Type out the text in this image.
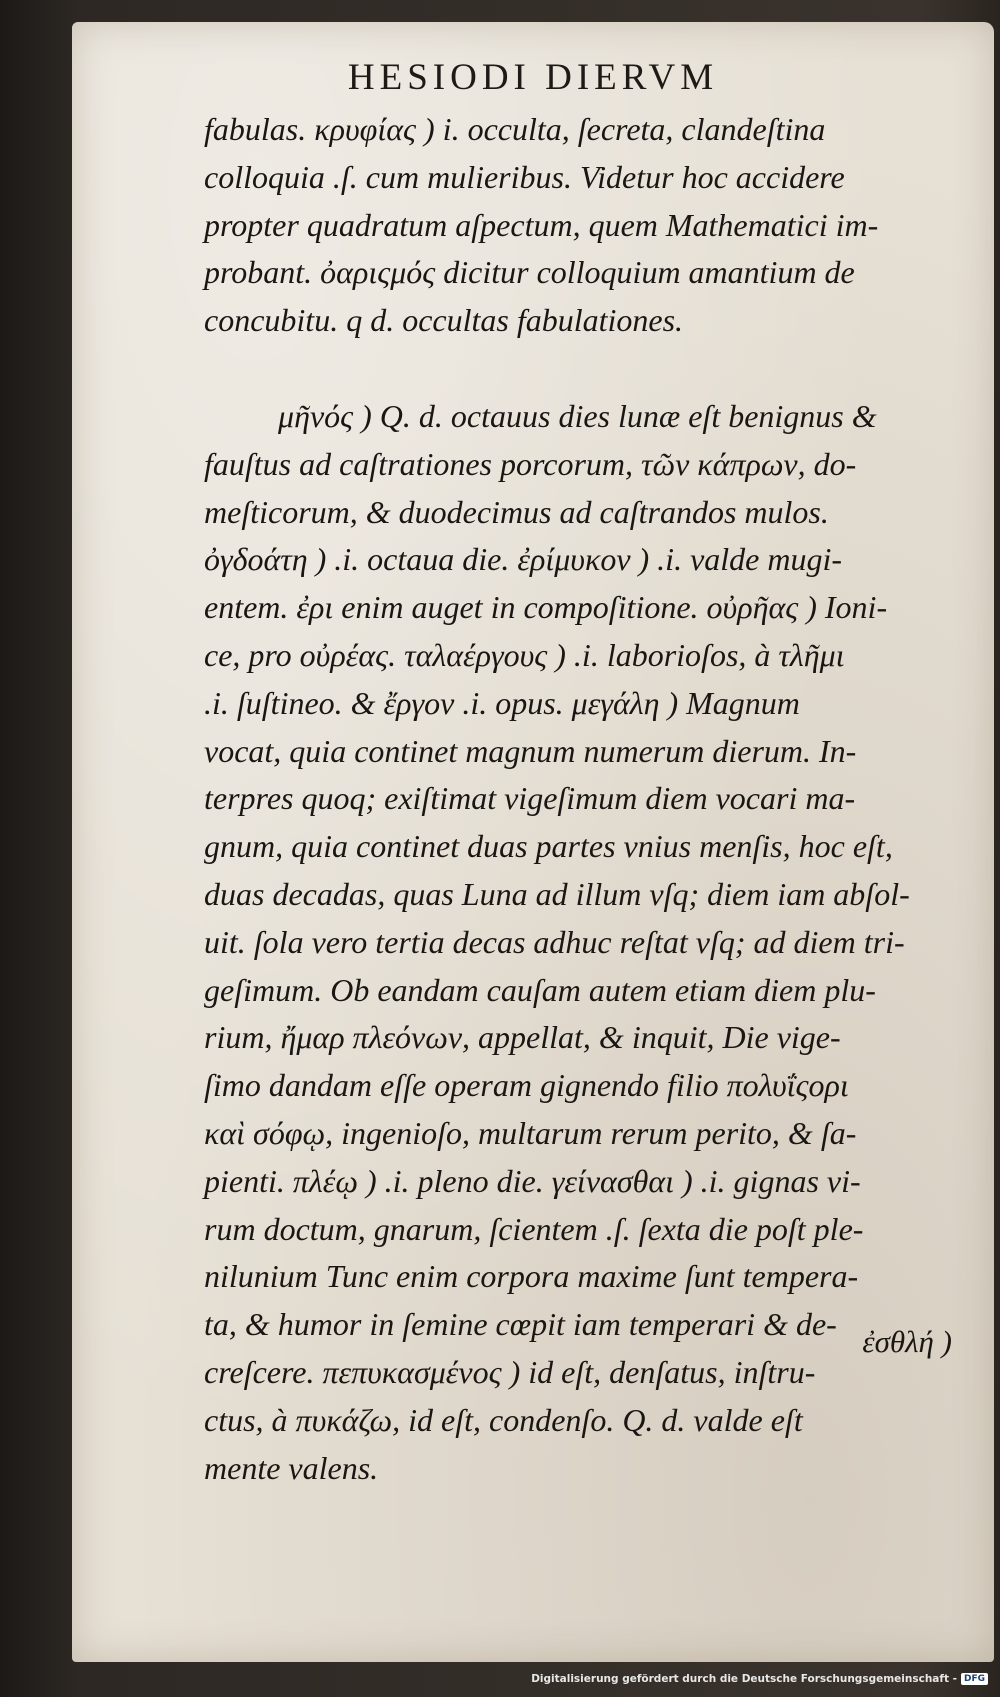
HESIODI DIERVM
fabulas. κρυφίας ) i. occulta, ſecreta, clandeſtina
colloquia .ſ. cum mulieribus. Videtur hoc accidere
propter quadratum aſpectum, quem Mathematici im-
probant. ὀαριςμός dicitur colloquium amantium de
concubitu. q d. occultas fabulationes.
μῆνός ) Q. d. octauus dies lunæ eſt benignus &
fauſtus ad caſtrationes porcorum, τῶν κάπρων, do-
meſticorum, & duodecimus ad caſtrandos mulos.
ὀγδοάτη ) .i. octaua die. ἐρίμυκον ) .i. valde mugi-
entem. ἐρι enim auget in compoſitione. οὐρῆας ) Ioni-
ce, pro οὐρέας. ταλαέργους ) .i. laborioſos, à τλῆμι
.i. ſuſtineo. & ἔργον .i. opus. μεγάλη ) Magnum
vocat, quia continet magnum numerum dierum. In-
terpres quoq; exiſtimat vigeſimum diem vocari ma-
gnum, quia continet duas partes vnius menſis, hoc eſt,
duas decadas, quas Luna ad illum vſq; diem iam abſol-
uit. ſola vero tertia decas adhuc reſtat vſq; ad diem tri-
geſimum. Ob eandam cauſam autem etiam diem plu-
rium, ἤμαρ πλεόνων, appellat, & inquit, Die vige-
ſimo dandam eſſe operam gignendo filio πολυΐςορι
καὶ σόφῳ, ingenioſo, multarum rerum perito, & ſa-
pienti. πλέῳ ) .i. pleno die. γείνασθαι ) .i. gignas vi-
rum doctum, gnarum, ſcientem .ſ. ſexta die poſt ple-
nilunium Tunc enim corpora maxime ſunt tempera-
ta, & humor in ſemine cœpit iam temperari & de-
creſcere. πεπυκασμένος ) id eſt, denſatus, inſtru-
ctus, à πυκάζω, id eſt, condenſo. Q. d. valde eſt
mente valens.

ἐσθλή )

Digitalisierung gefördert durch die Deutsche Forschungsgemeinschaft - DFG
